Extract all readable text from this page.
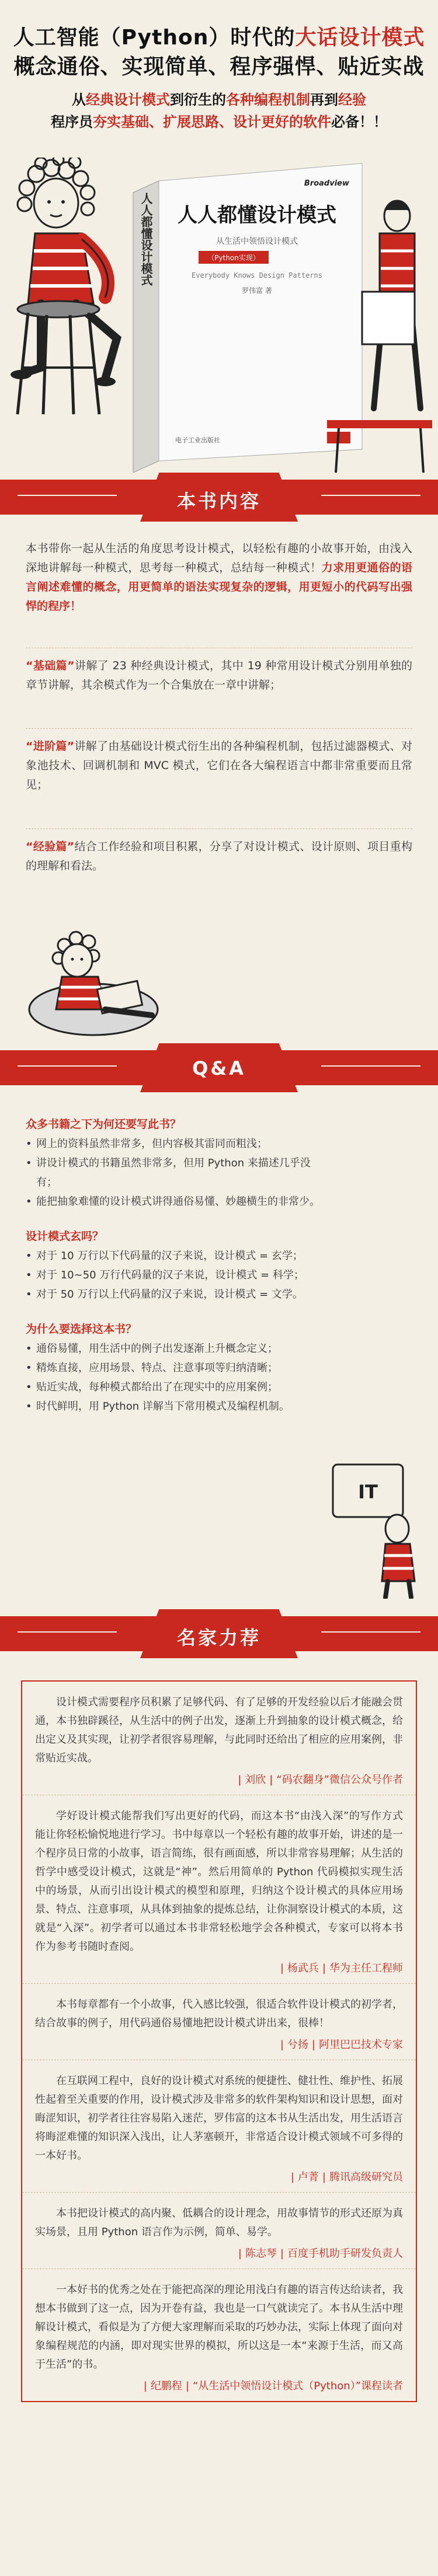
人工智能（Python）时代的大话设计模式
概念通俗、实现简单、程序强悍、贴近实战
从经典设计模式到衍生的各种编程机制再到经验
程序员夯实基础、扩展思路、设计更好的软件必备！！
人人都懂设计模式
Broadview
人人都懂设计模式
从生活中领悟设计模式
（Python实现）
Everybody Knows Design Patterns
罗伟富 著
电子工业出版社
本书内容

本书带你一起从生活的角度思考设计模式，以轻松有趣的小故事开始，由浅入深地讲解每一种模式，思考每一种模式，总结每一种模式！力求用更通俗的语言阐述难懂的概念，用更简单的语法实现复杂的逻辑，用更短小的代码写出强悍的程序！

“基础篇”讲解了 23 种经典设计模式，其中 19 种常用设计模式分别用单独的章节讲解，其余模式作为一个合集放在一章中讲解；

“进阶篇”讲解了由基础设计模式衍生出的各种编程机制，包括过滤器模式、对象池技术、回调机制和 MVC 模式，它们在各大编程语言中都非常重要而且常见；

“经验篇”结合工作经验和项目积累，分享了对设计模式、设计原则、项目重构的理解和看法。

Q&A
众多书籍之下为何还要写此书？
• 网上的资料虽然非常多，但内容极其雷同而粗浅；
• 讲设计模式的书籍虽然非常多，但用 Python 来描述几乎没有；
• 能把抽象难懂的设计模式讲得通俗易懂、妙趣横生的非常少。
设计模式玄吗？
• 对于 10 万行以下代码量的汉子来说，设计模式 = 玄学；
• 对于 10~50 万行代码量的汉子来说，设计模式 = 科学；
• 对于 50 万行以上代码量的汉子来说，设计模式 = 文学。
为什么要选择这本书？
• 通俗易懂，用生活中的例子出发逐渐上升概念定义；
• 精炼直接，应用场景、特点、注意事项等归纳清晰；
• 贴近实战，每种模式都给出了在现实中的应用案例；
• 时代鲜明，用 Python 详解当下常用模式及编程机制。
IT
名家力荐

设计模式需要程序员积累了足够代码、有了足够的开发经验以后才能融会贯通，本书独辟蹊径，从生活中的例子出发，逐渐上升到抽象的设计模式概念，给出定义及其实现，让初学者很容易理解，与此同时还给出了相应的应用案例，非常贴近实战。

| 刘欣 | “码农翻身”微信公众号作者

学好设计模式能帮我们写出更好的代码，而这本书“由浅入深”的写作方式能让你轻松愉悦地进行学习。书中每章以一个轻松有趣的故事开始，讲述的是一个程序员日常的小故事，语言简练，很有画面感，所以非常容易理解；从生活的哲学中感受设计模式，这就是“神”。然后用简单的 Python 代码模拟实现生活中的场景，从而引出设计模式的模型和原理，归纳这个设计模式的具体应用场景、特点、注意事项，从具体到抽象的提炼总结，让你洞察设计模式的本质，这就是“入深”。初学者可以通过本书非常轻松地学会各种模式，专家可以将本书作为参考书随时查阅。

| 杨武兵 | 华为主任工程师

本书每章都有一个小故事，代入感比较强，很适合软件设计模式的初学者，结合故事的例子，用代码通俗易懂地把设计模式讲出来，很棒！

| 兮扬 | 阿里巴巴技术专家

在互联网工程中，良好的设计模式对系统的便捷性、健壮性、维护性、拓展性起着至关重要的作用，设计模式涉及非常多的软件架构知识和设计思想，面对晦涩知识，初学者往往容易陷入迷茫，罗伟富的这本书从生活出发，用生活语言将晦涩难懂的知识深入浅出，让人茅塞顿开，非常适合设计模式领域不可多得的一本好书。

| 卢菁 | 腾讯高级研究员

本书把设计模式的高内聚、低耦合的设计理念，用故事情节的形式还原为真实场景，且用 Python 语言作为示例，简单、易学。

| 陈志琴 | 百度手机助手研发负责人

一本好书的优秀之处在于能把高深的理论用浅白有趣的语言传达给读者，我想本书做到了这一点，因为开卷有益，我也是一口气就读完了。本书从生活中理解设计模式，看似是为了方便大家理解而采取的巧妙办法，实际上体现了面向对象编程规范的内涵，即对现实世界的模拟，所以这是一本“来源于生活，而又高于生活”的书。

| 纪鹏程 | “从生活中领悟设计模式（Python）”课程读者
